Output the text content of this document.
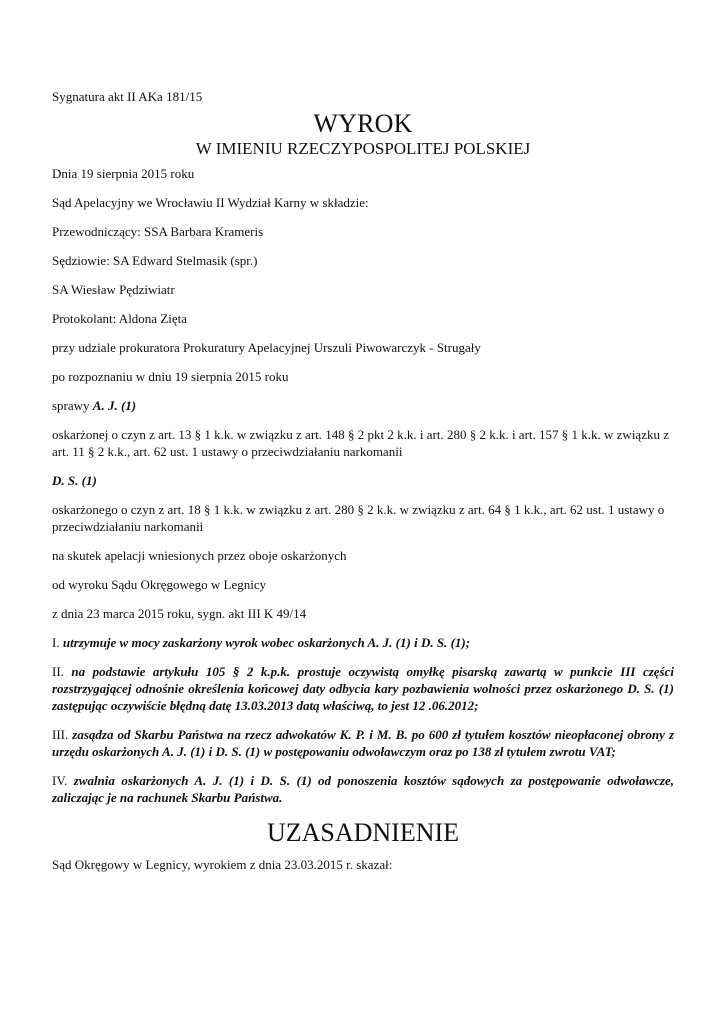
Sygnatura akt II AKa 181/15
WYROK
W IMIENIU RZECZYPOSPOLITEJ POLSKIEJ
Dnia 19 sierpnia 2015 roku
Sąd Apelacyjny we Wrocławiu II Wydział Karny w składzie:
Przewodniczący: SSA Barbara Krameris
Sędziowie: SA Edward Stelmasik (spr.)
SA Wiesław Pędziwiatr
Protokolant: Aldona Zięta
przy udziale prokuratora Prokuratury Apelacyjnej Urszuli Piwowarczyk - Strugały
po rozpoznaniu w dniu 19 sierpnia 2015 roku
sprawy A. J. (1)
oskarżonej o czyn z art. 13 § 1 k.k. w związku z art. 148 § 2 pkt 2 k.k. i art. 280 § 2 k.k. i art. 157 § 1 k.k. w związku z art. 11 § 2 k.k., art. 62 ust. 1 ustawy o przeciwdziałaniu narkomanii
D. S. (1)
oskarżonego o czyn z art. 18 § 1 k.k. w związku z art. 280 § 2 k.k. w związku z art. 64 § 1 k.k., art. 62 ust. 1 ustawy o przeciwdziałaniu narkomanii
na skutek apelacji wniesionych przez oboje oskarżonych
od wyroku Sądu Okręgowego w Legnicy
z dnia 23 marca 2015 roku, sygn. akt III K 49/14
I. utrzymuje w mocy zaskarżony wyrok wobec oskarżonych A. J. (1) i D. S. (1);
II. na podstawie artykułu 105 § 2 k.p.k. prostuje oczywistą omyłkę pisarską zawartą w punkcie III części rozstrzygającej odnośnie określenia końcowej daty odbycia kary pozbawienia wolności przez oskarżonego D. S. (1) zastępując oczywiście błędną datę 13.03.2013 datą właściwą, to jest 12 .06.2012;
III. zasądza od Skarbu Państwa na rzecz adwokatów K. P. i M. B. po 600 zł tytułem kosztów nieopłaconej obrony z urzędu oskarżonych A. J. (1) i D. S. (1) w postępowaniu odwoławczym oraz po 138 zł tytułem zwrotu VAT;
IV. zwalnia oskarżonych A. J. (1) i D. S. (1) od ponoszenia kosztów sądowych za postępowanie odwoławcze, zaliczając je na rachunek Skarbu Państwa.
UZASADNIENIE
Sąd Okręgowy w Legnicy, wyrokiem z dnia 23.03.2015 r. skazał:
